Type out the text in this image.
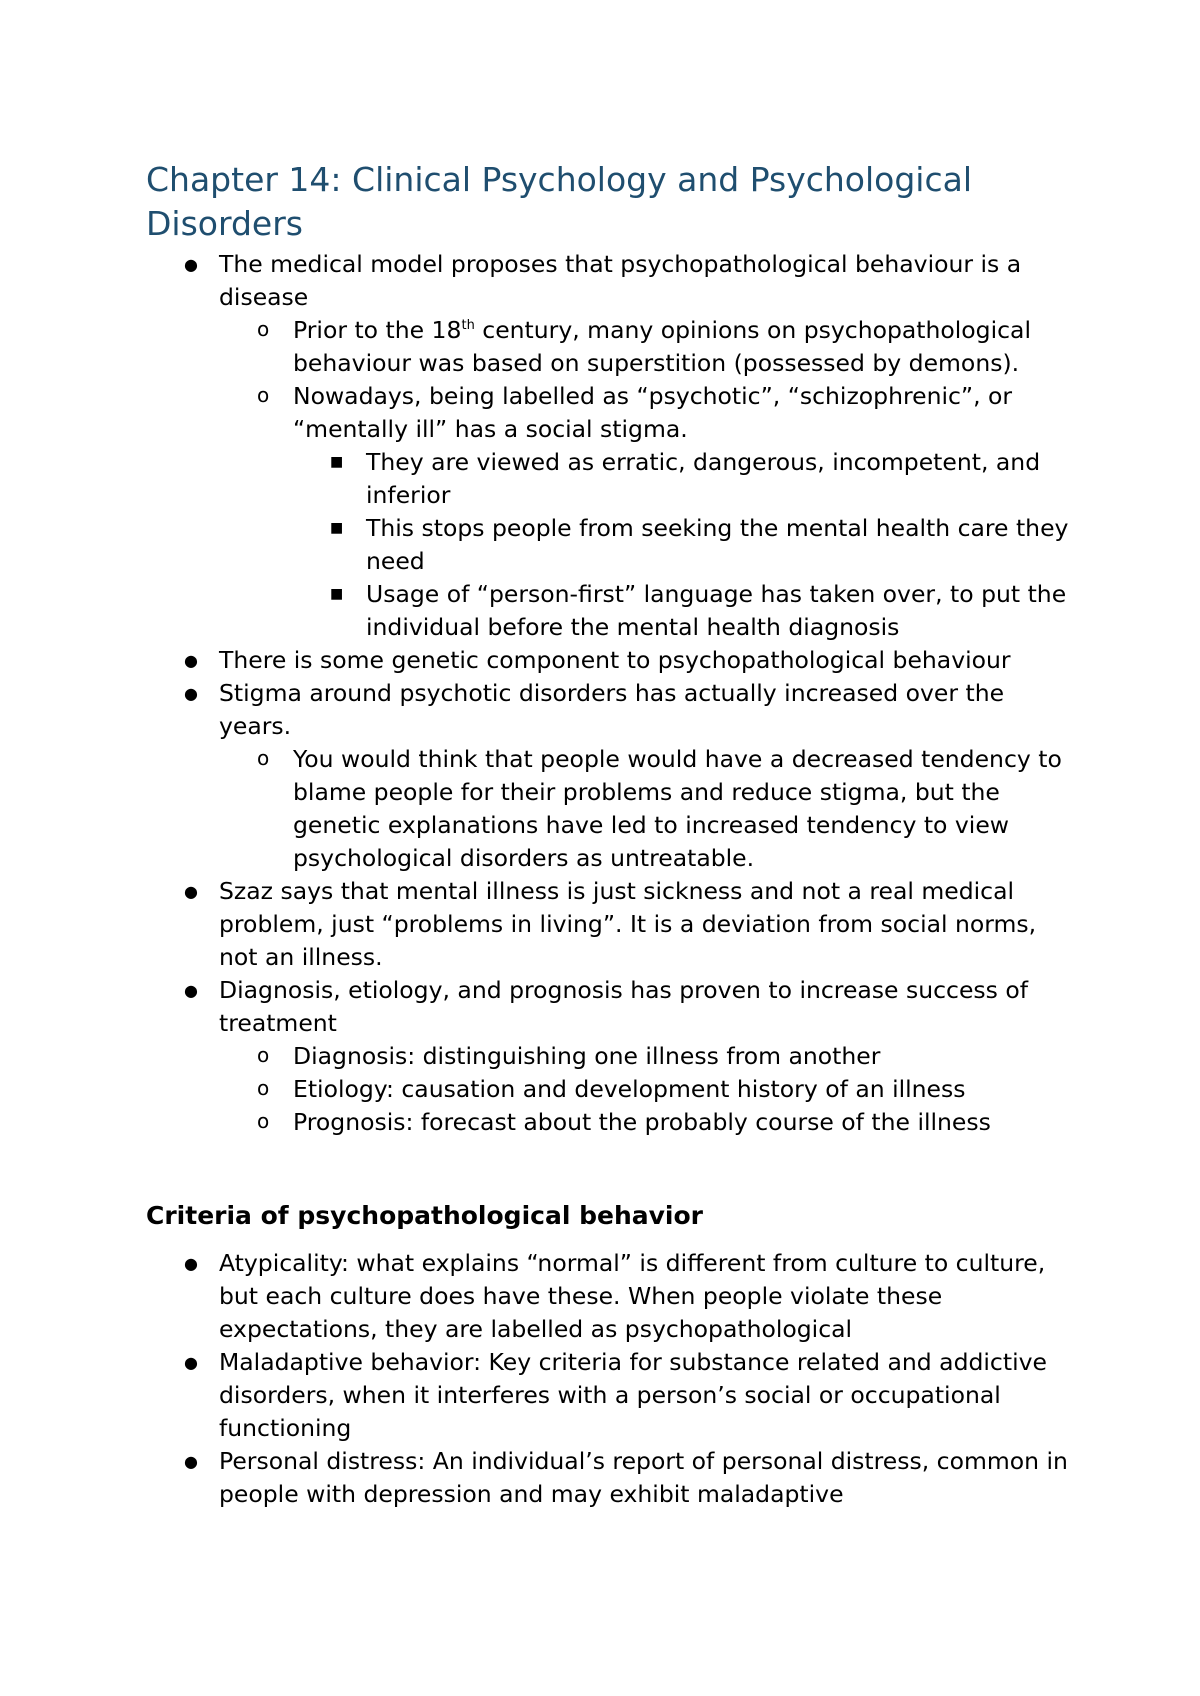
Chapter 14: Clinical Psychology and Psychological Disorders
● The medical model proposes that psychopathological behaviour is a disease
o Prior to the 18th century, many opinions on psychopathological behaviour was based on superstition (possessed by demons).
o Nowadays, being labelled as “psychotic”, “schizophrenic”, or “mentally ill” has a social stigma.
■ They are viewed as erratic, dangerous, incompetent, and inferior
■ This stops people from seeking the mental health care they need
■ Usage of “person-first” language has taken over, to put the individual before the mental health diagnosis
● There is some genetic component to psychopathological behaviour
● Stigma around psychotic disorders has actually increased over the years.
o You would think that people would have a decreased tendency to blame people for their problems and reduce stigma, but the genetic explanations have led to increased tendency to view psychological disorders as untreatable.
● Szaz says that mental illness is just sickness and not a real medical problem, just “problems in living”. It is a deviation from social norms, not an illness.
● Diagnosis, etiology, and prognosis has proven to increase success of treatment
o Diagnosis: distinguishing one illness from another
o Etiology: causation and development history of an illness
o Prognosis: forecast about the probably course of the illness
Criteria of psychopathological behavior
● Atypicality: what explains “normal” is different from culture to culture, but each culture does have these. When people violate these expectations, they are labelled as psychopathological
● Maladaptive behavior: Key criteria for substance related and addictive disorders, when it interferes with a person’s social or occupational functioning
● Personal distress: An individual’s report of personal distress, common in people with depression and may exhibit maladaptive
